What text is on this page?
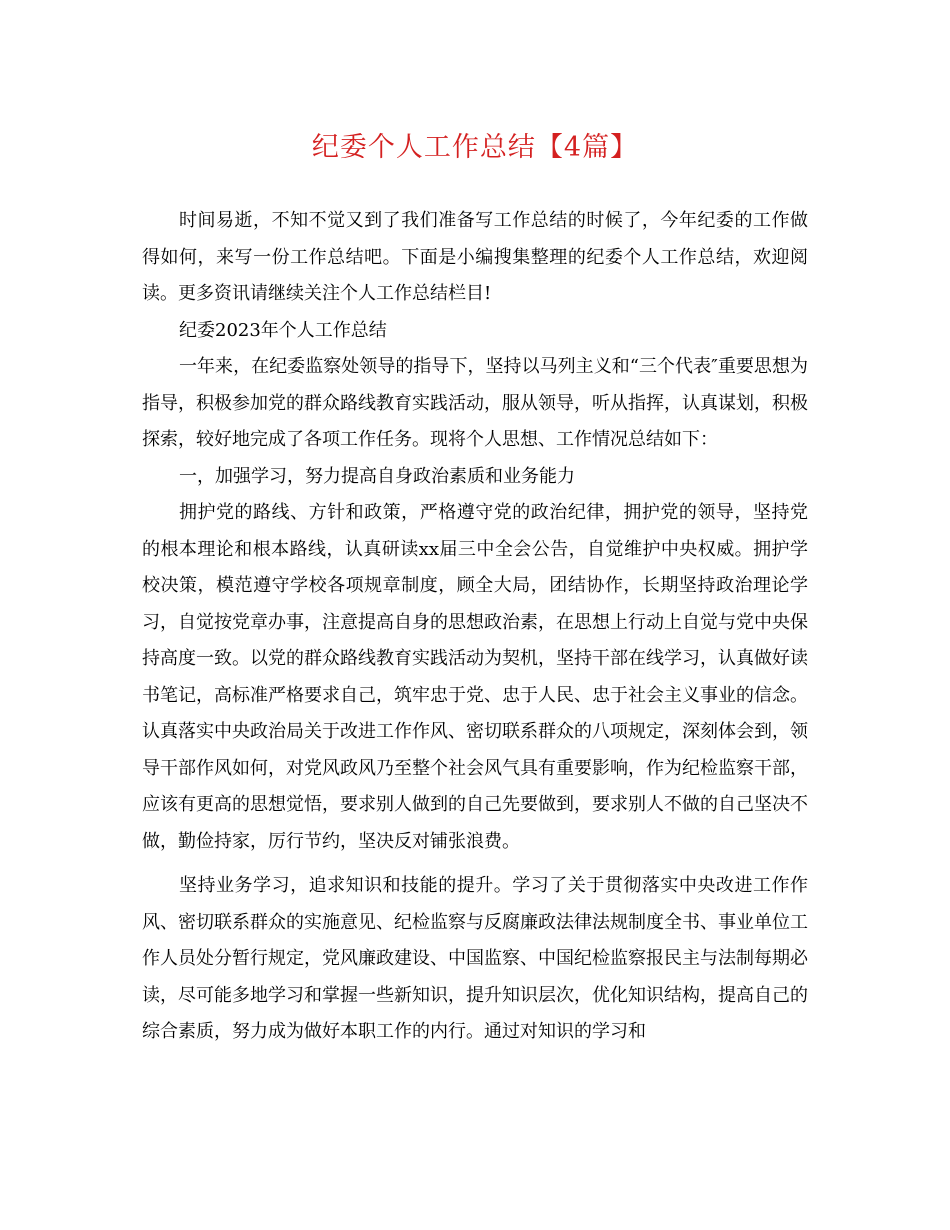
纪委个人工作总结【4篇】

时间易逝，不知不觉又到了我们准备写工作总结的时候了，今年纪委的工作做得如何，来写一份工作总结吧。下面是小编搜集整理的纪委个人工作总结，欢迎阅读。更多资讯请继续关注个人工作总结栏目!

纪委2023年个人工作总结

一年来，在纪委监察处领导的指导下，坚持以马列主义和“三个代表″重要思想为指导，积极参加党的群众路线教育实践活动，服从领导，听从指挥，认真谋划，积极探索，较好地完成了各项工作任务。现将个人思想、工作情况总结如下：

一，加强学习，努力提高自身政治素质和业务能力

拥护党的路线、方针和政策，严格遵守党的政治纪律，拥护党的领导，坚持党的根本理论和根本路线，认真研读xx届三中全会公告，自觉维护中央权威。拥护学校决策，模范遵守学校各项规章制度，顾全大局，团结协作，长期坚持政治理论学习，自觉按党章办事，注意提高自身的思想政治素，在思想上行动上自觉与党中央保持高度一致。以党的群众路线教育实践活动为契机，坚持干部在线学习，认真做好读书笔记，高标准严格要求自己，筑牢忠于党、忠于人民、忠于社会主义事业的信念。认真落实中央政治局关于改进工作作风、密切联系群众的八项规定，深刻体会到，领导干部作风如何，对党风政风乃至整个社会风气具有重要影响，作为纪检监察干部，应该有更高的思想觉悟，要求别人做到的自己先要做到，要求别人不做的自己坚决不做，勤俭持家，厉行节约，坚决反对铺张浪费。

坚持业务学习，追求知识和技能的提升。学习了关于贯彻落实中央改进工作作风、密切联系群众的实施意见、纪检监察与反腐廉政法律法规制度全书、事业单位工作人员处分暂行规定，党风廉政建设、中国监察、中国纪检监察报民主与法制每期必读，尽可能多地学习和掌握一些新知识，提升知识层次，优化知识结构，提高自己的综合素质，努力成为做好本职工作的内行。通过对知识的学习和
